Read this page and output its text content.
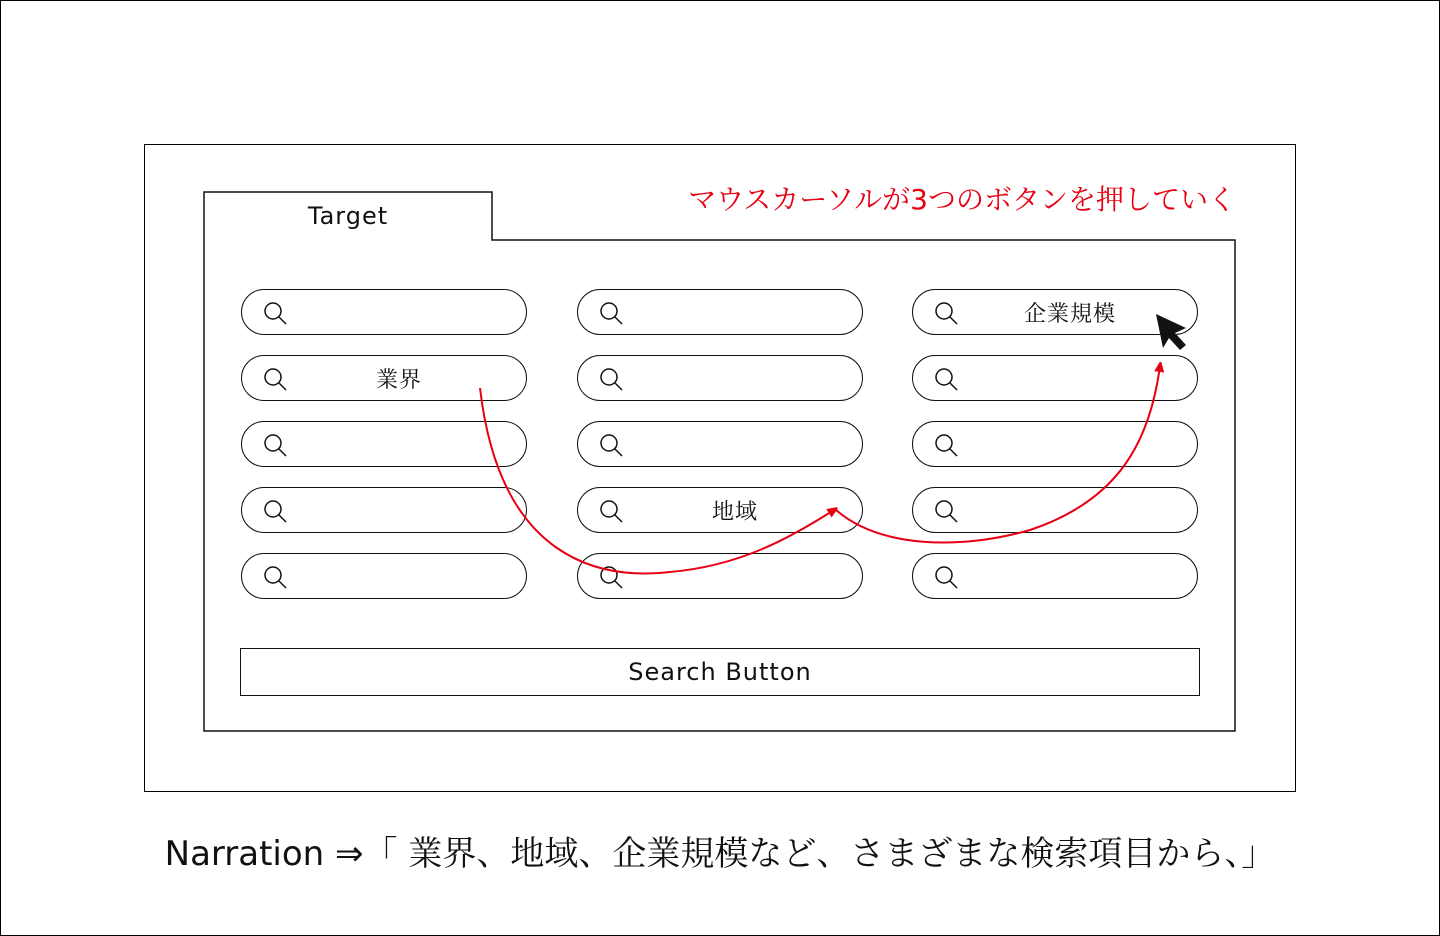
Target	マウスカーソルが3つのボタンを押していく
企業規模
業界
地域
Search Button
Narration ⇒「 業界、地域、企業規模など、さまざまな検索項目から、」
